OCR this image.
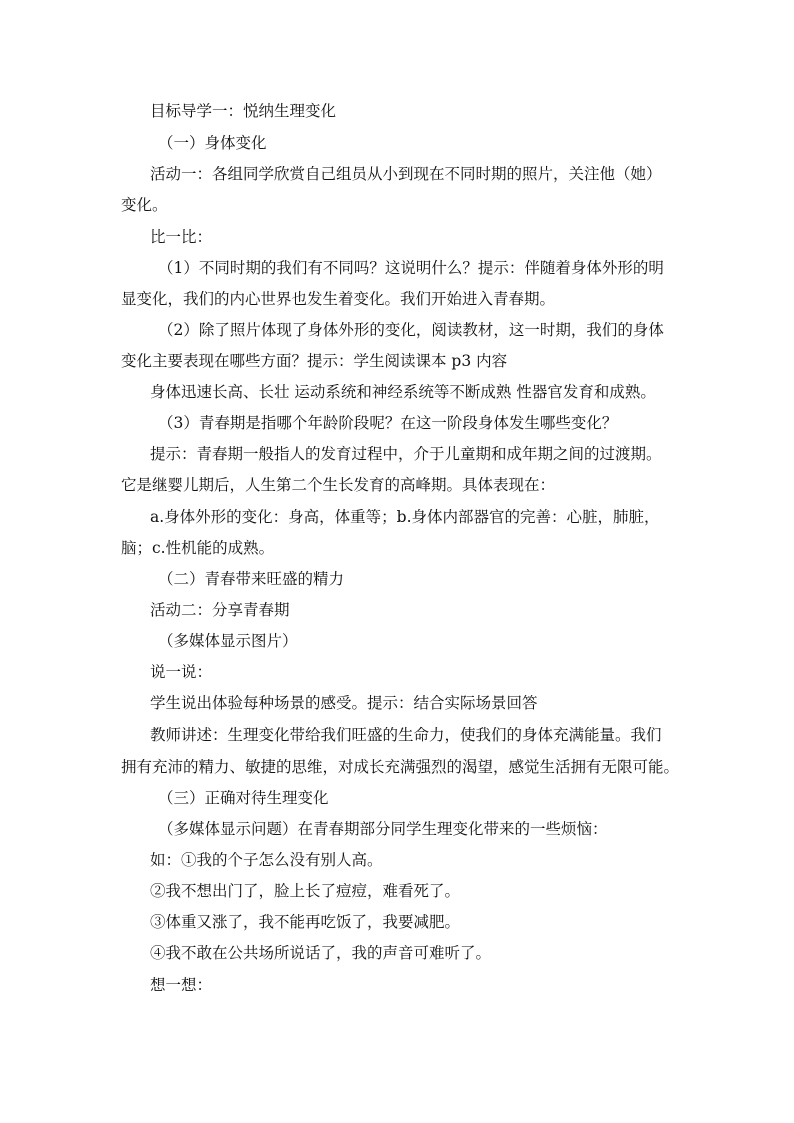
目标导学一：悦纳生理变化
（一）身体变化
活动一：各组同学欣赏自己组员从小到现在不同时期的照片，关注他（她）
变化。
比一比：
（1）不同时期的我们有不同吗？这说明什么？提示：伴随着身体外形的明
显变化，我们的内心世界也发生着变化。我们开始进入青春期。
（2）除了照片体现了身体外形的变化，阅读教材，这一时期，我们的身体
变化主要表现在哪些方面？提示：学生阅读课本 p3 内容
身体迅速长高、长壮 运动系统和神经系统等不断成熟 性器官发育和成熟。
（3）青春期是指哪个年龄阶段呢？在这一阶段身体发生哪些变化？
提示：青春期一般指人的发育过程中，介于儿童期和成年期之间的过渡期。
它是继婴儿期后，人生第二个生长发育的高峰期。具体表现在：
a.身体外形的变化：身高，体重等；b.身体内部器官的完善：心脏，肺脏，
脑；c.性机能的成熟。
（二）青春带来旺盛的精力
活动二：分享青春期
（多媒体显示图片）
说一说：
学生说出体验每种场景的感受。提示：结合实际场景回答
教师讲述：生理变化带给我们旺盛的生命力，使我们的身体充满能量。我们
拥有充沛的精力、敏捷的思维，对成长充满强烈的渴望，感觉生活拥有无限可能。
（三）正确对待生理变化
（多媒体显示问题）在青春期部分同学生理变化带来的一些烦恼：
如：①我的个子怎么没有别人高。
②我不想出门了，脸上长了痘痘，难看死了。
③体重又涨了，我不能再吃饭了，我要减肥。
④我不敢在公共场所说话了，我的声音可难听了。
想一想：
